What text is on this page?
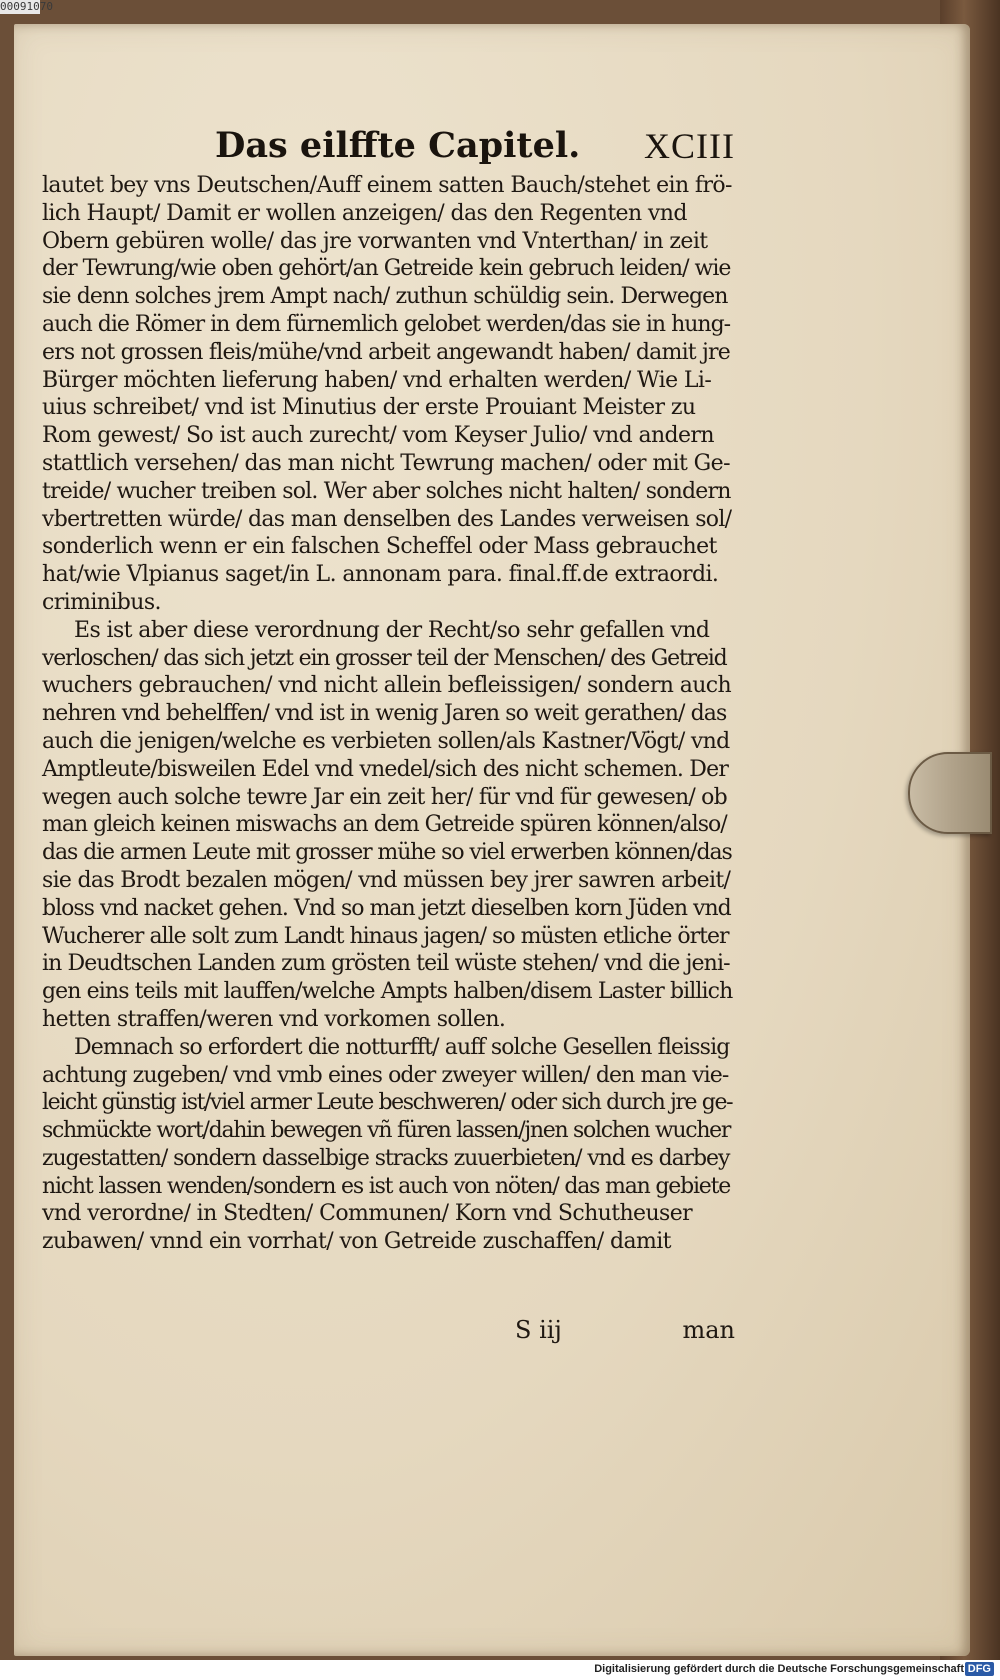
00091070
Das eilffte Capitel. XCIII
lautet bey vns Deutschen/Auff einem satten Bauch/stehet ein frö-
lich Haupt/ Damit er wollen anzeigen/ das den Regenten vnd
Obern gebüren wolle/ das jre vorwanten vnd Vnterthan/ in zeit
der Tewrung/wie oben gehört/an Getreide kein gebruch leiden/ wie
sie denn solches jrem Ampt nach/ zuthun schüldig sein. Derwegen
auch die Römer in dem fürnemlich gelobet werden/das sie in hung-
ers not grossen fleis/mühe/vnd arbeit angewandt haben/ damit jre
Bürger möchten lieferung haben/ vnd erhalten werden/ Wie Li-
uius schreibet/ vnd ist Minutius der erste Prouiant Meister zu
Rom gewest/ So ist auch zurecht/ vom Keyser Julio/ vnd andern
stattlich versehen/ das man nicht Tewrung machen/ oder mit Ge-
treide/ wucher treiben sol. Wer aber solches nicht halten/ sondern
vbertretten würde/ das man denselben des Landes verweisen sol/
sonderlich wenn er ein falschen Scheffel oder Mass gebrauchet
hat/wie Vlpianus saget/in L. annonam para. final.ff.de extraordi.
criminibus.
Es ist aber diese verordnung der Recht/so sehr gefallen vnd
verloschen/ das sich jetzt ein grosser teil der Menschen/ des Getreid
wuchers gebrauchen/ vnd nicht allein befleissigen/ sondern auch
nehren vnd behelffen/ vnd ist in wenig Jaren so weit gerathen/ das
auch die jenigen/welche es verbieten sollen/als Kastner/Vögt/ vnd
Amptleute/bisweilen Edel vnd vnedel/sich des nicht schemen. Der
wegen auch solche tewre Jar ein zeit her/ für vnd für gewesen/ ob
man gleich keinen miswachs an dem Getreide spüren können/also/
das die armen Leute mit grosser mühe so viel erwerben können/das
sie das Brodt bezalen mögen/ vnd müssen bey jrer sawren arbeit/
bloss vnd nacket gehen. Vnd so man jetzt dieselben korn Jüden vnd
Wucherer alle solt zum Landt hinaus jagen/ so müsten etliche örter
in Deudtschen Landen zum grösten teil wüste stehen/ vnd die jeni-
gen eins teils mit lauffen/welche Ampts halben/disem Laster billich
hetten straffen/weren vnd vorkomen sollen.
Demnach so erfordert die notturfft/ auff solche Gesellen fleissig
achtung zugeben/ vnd vmb eines oder zweyer willen/ den man vie-
leicht günstig ist/viel armer Leute beschweren/ oder sich durch jre ge-
schmückte wort/dahin bewegen vñ füren lassen/jnen solchen wucher
zugestatten/ sondern dasselbige stracks zuuerbieten/ vnd es darbey
nicht lassen wenden/sondern es ist auch von nöten/ das man gebiete
vnd verordne/ in Stedten/ Communen/ Korn vnd Schutheuser
zubawen/ vnnd ein vorrhat/ von Getreide zuschaffen/ damit
S iij	man
Digitalisierung gefördert durch die Deutsche Forschungsgemeinschaft DFG
